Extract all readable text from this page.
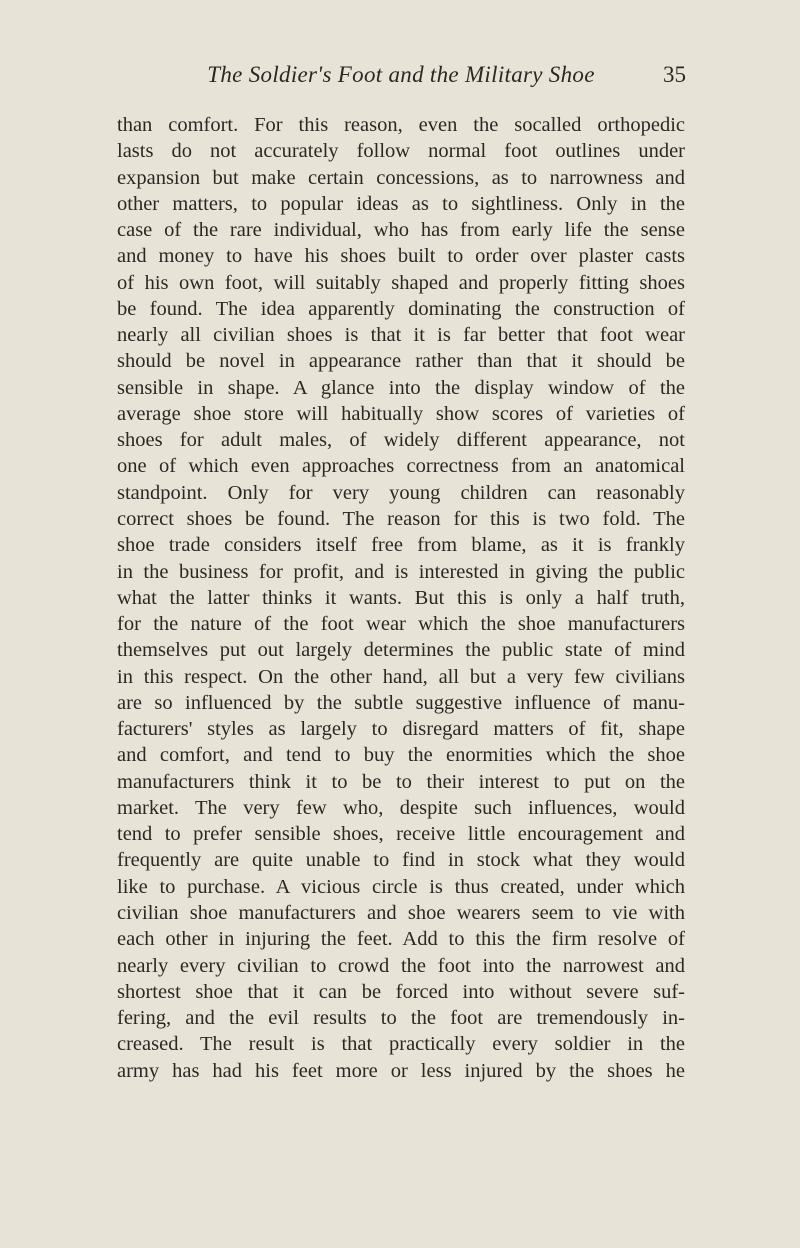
The Soldier's Foot and the Military Shoe	35
than comfort. For this reason, even the socalled orthopedic
lasts do not accurately follow normal foot outlines under
expansion but make certain concessions, as to narrowness and
other matters, to popular ideas as to sightliness. Only in the
case of the rare individual, who has from early life the sense
and money to have his shoes built to order over plaster casts
of his own foot, will suitably shaped and properly fitting shoes
be found. The idea apparently dominating the construction of
nearly all civilian shoes is that it is far better that foot wear
should be novel in appearance rather than that it should be
sensible in shape. A glance into the display window of the
average shoe store will habitually show scores of varieties of
shoes for adult males, of widely different appearance, not
one of which even approaches correctness from an anatomical
standpoint. Only for very young children can reasonably
correct shoes be found. The reason for this is two fold. The
shoe trade considers itself free from blame, as it is frankly
in the business for profit, and is interested in giving the public
what the latter thinks it wants. But this is only a half truth,
for the nature of the foot wear which the shoe manufacturers
themselves put out largely determines the public state of mind
in this respect. On the other hand, all but a very few civilians
are so influenced by the subtle suggestive influence of manu-
facturers' styles as largely to disregard matters of fit, shape
and comfort, and tend to buy the enormities which the shoe
manufacturers think it to be to their interest to put on the
market. The very few who, despite such influences, would
tend to prefer sensible shoes, receive little encouragement and
frequently are quite unable to find in stock what they would
like to purchase. A vicious circle is thus created, under which
civilian shoe manufacturers and shoe wearers seem to vie with
each other in injuring the feet. Add to this the firm resolve of
nearly every civilian to crowd the foot into the narrowest and
shortest shoe that it can be forced into without severe suf-
fering, and the evil results to the foot are tremendously in-
creased. The result is that practically every soldier in the
army has had his feet more or less injured by the shoes he
